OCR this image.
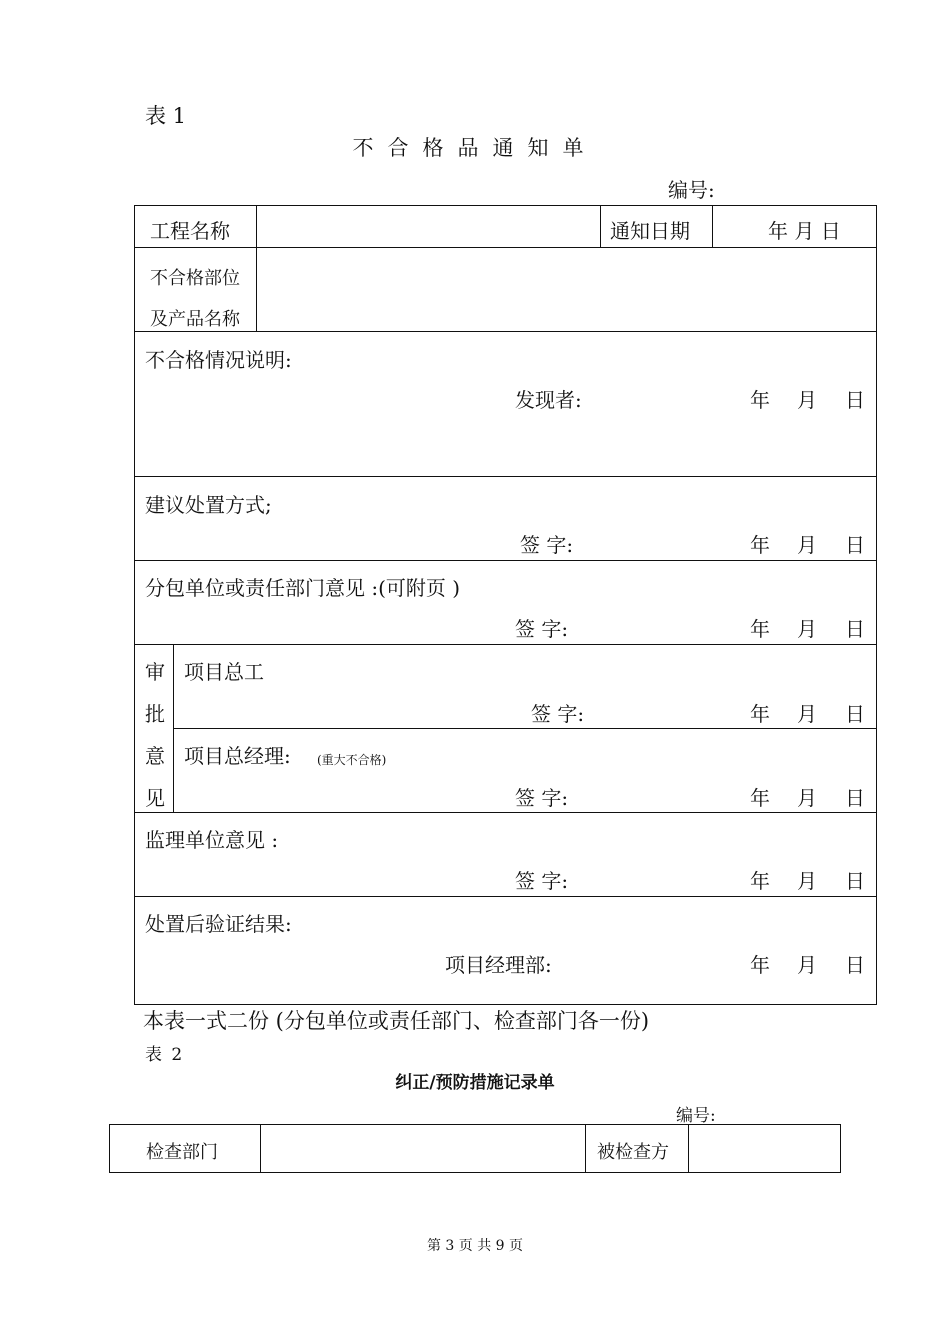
表 1
不合格品通知单
编号:
工程名称	通知日期	年 月 日
不合格部位
及产品名称
不合格情况说明:
发现者:	年 月 日
建议处置方式;
签 字:	年 月 日
分包单位或责任部门意见 :(可附页 )
签 字:	年 月 日
审
批
意
见
项目总工
签 字:	年 月 日
项目总经理: (重大不合格)
签 字:	年 月 日
监理单位意见 :
签 字:	年 月 日
处置后验证结果:
项目经理部:	年 月 日
本表一式二份 (分包单位或责任部门、检查部门各一份)
表 2
纠正/预防措施记录单
编号:
检查部门	被检查方
第 3 页 共 9 页
